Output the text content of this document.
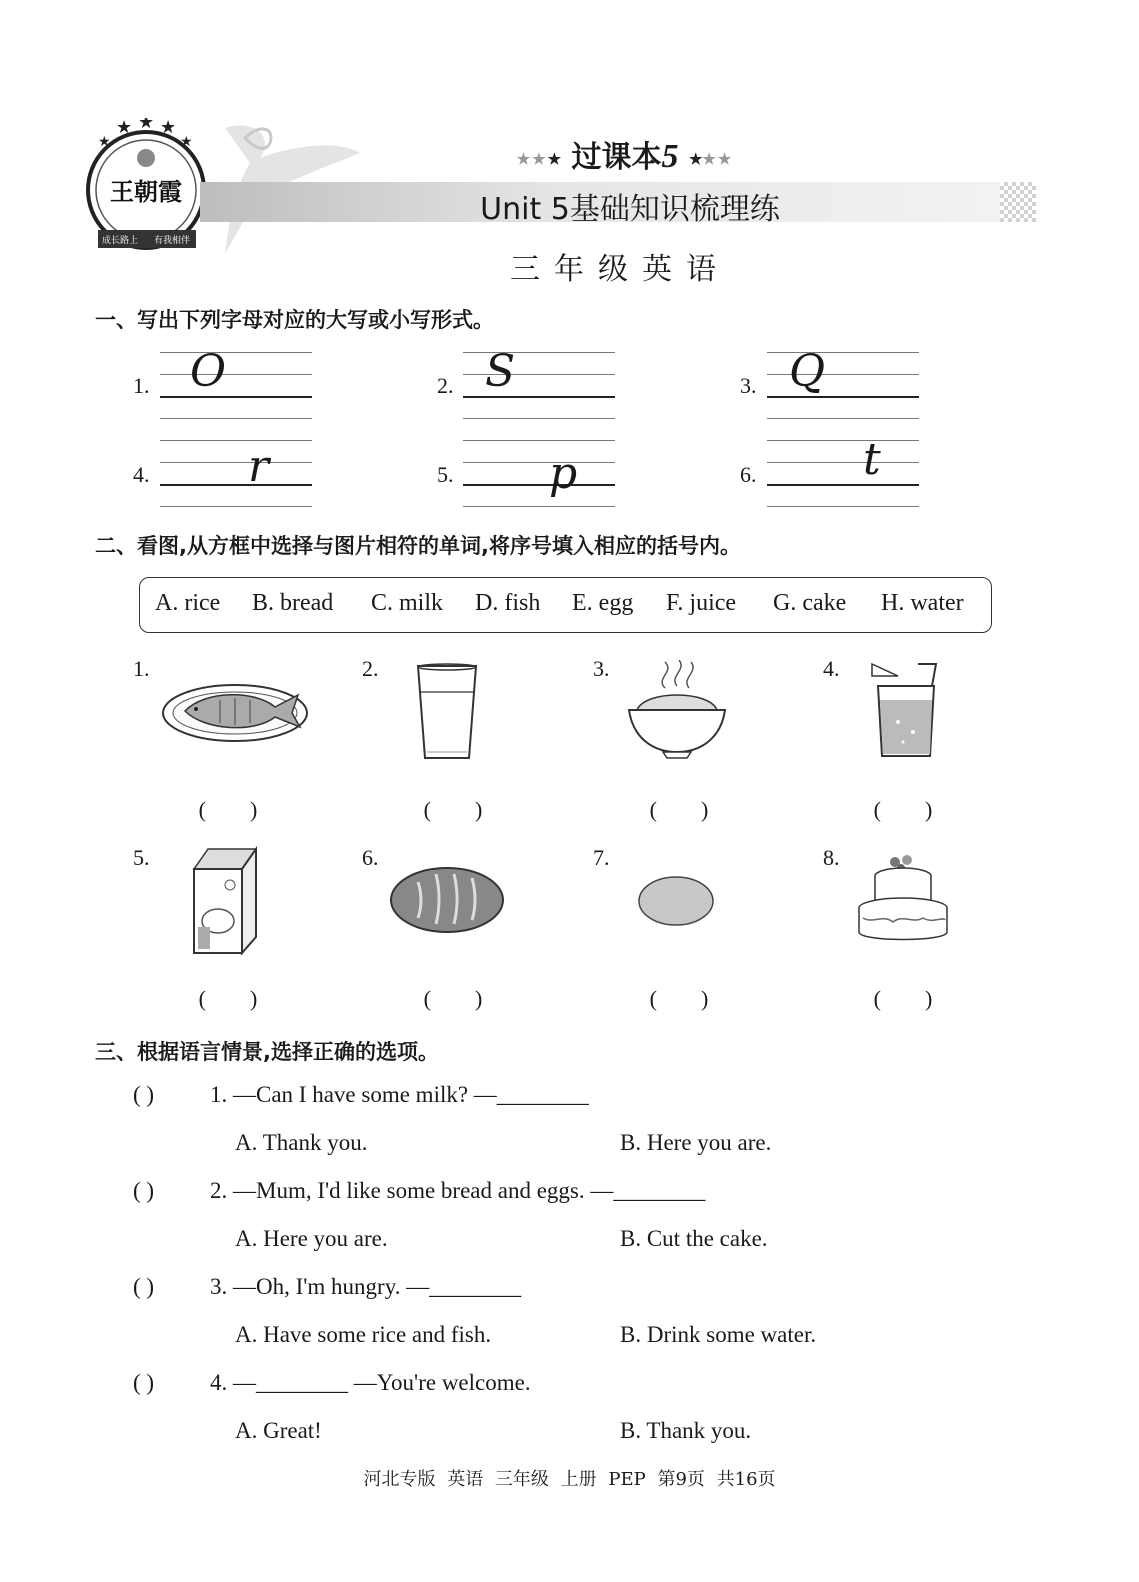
★ ★ ★
★	★
王朝霞
成长路上 有我相伴
★★★ 过课本5 ★★★
Unit 5基础知识梳理练
三年级英语
一、写出下列字母对应的大写或小写形式。
1. O	2. S	3. Q
4. r	5. p	6. t
二、看图,从方框中选择与图片相符的单词,将序号填入相应的括号内。
A. rice B. bread C. milk D. fish E. egg F. juice G. cake H. water
1.	2.	3.	4.
(   )	(   )	(   )	(   )
5.	6.	7.	8.
(   )	(   )	(   )	(   )
三、根据语言情景,选择正确的选项。
( ) 1. —Can I have some milk? —________
A. Thank you.	B. Here you are.
( ) 2. —Mum, I'd like some bread and eggs. —________
A. Here you are.	B. Cut the cake.
( ) 3. —Oh, I'm hungry. —________
A. Have some rice and fish.	B. Drink some water.
( ) 4. —________ —You're welcome.
A. Great!	B. Thank you.
河北专版 英语 三年级 上册 PEP 第9页 共16页
